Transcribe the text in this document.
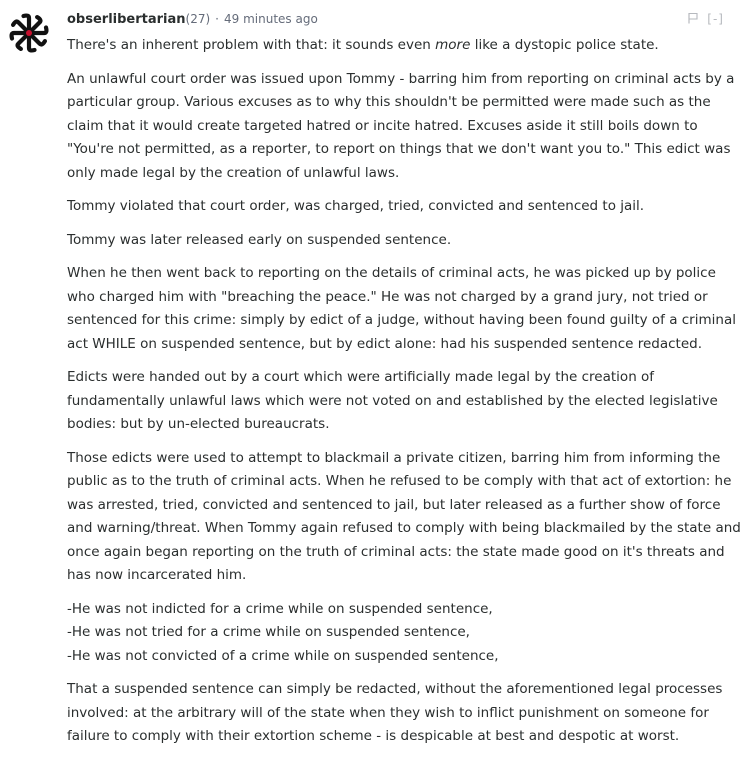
obserlibertarian(27) · 49 minutes ago	[-]

There's an inherent problem with that: it sounds even more like a dystopic police state.

An unlawful court order was issued upon Tommy - barring him from reporting on criminal acts by a particular group. Various excuses as to why this shouldn't be permitted were made such as the claim that it would create targeted hatred or incite hatred. Excuses aside it still boils down to "You're not permitted, as a reporter, to report on things that we don't want you to." This edict was only made legal by the creation of unlawful laws.

Tommy violated that court order, was charged, tried, convicted and sentenced to jail.

Tommy was later released early on suspended sentence.

When he then went back to reporting on the details of criminal acts, he was picked up by police who charged him with "breaching the peace." He was not charged by a grand jury, not tried or sentenced for this crime: simply by edict of a judge, without having been found guilty of a criminal act WHILE on suspended sentence, but by edict alone: had his suspended sentence redacted.

Edicts were handed out by a court which were artificially made legal by the creation of fundamentally unlawful laws which were not voted on and established by the elected legislative bodies: but by un-elected bureaucrats.

Those edicts were used to attempt to blackmail a private citizen, barring him from informing the public as to the truth of criminal acts. When he refused to be comply with that act of extortion: he was arrested, tried, convicted and sentenced to jail, but later released as a further show of force and warning/threat. When Tommy again refused to comply with being blackmailed by the state and once again began reporting on the truth of criminal acts: the state made good on it's threats and has now incarcerated him.

-He was not indicted for a crime while on suspended sentence,

-He was not tried for a crime while on suspended sentence,

-He was not convicted of a crime while on suspended sentence,

That a suspended sentence can simply be redacted, without the aforementioned legal processes involved: at the arbitrary will of the state when they wish to inflict punishment on someone for failure to comply with their extortion scheme - is despicable at best and despotic at worst.
